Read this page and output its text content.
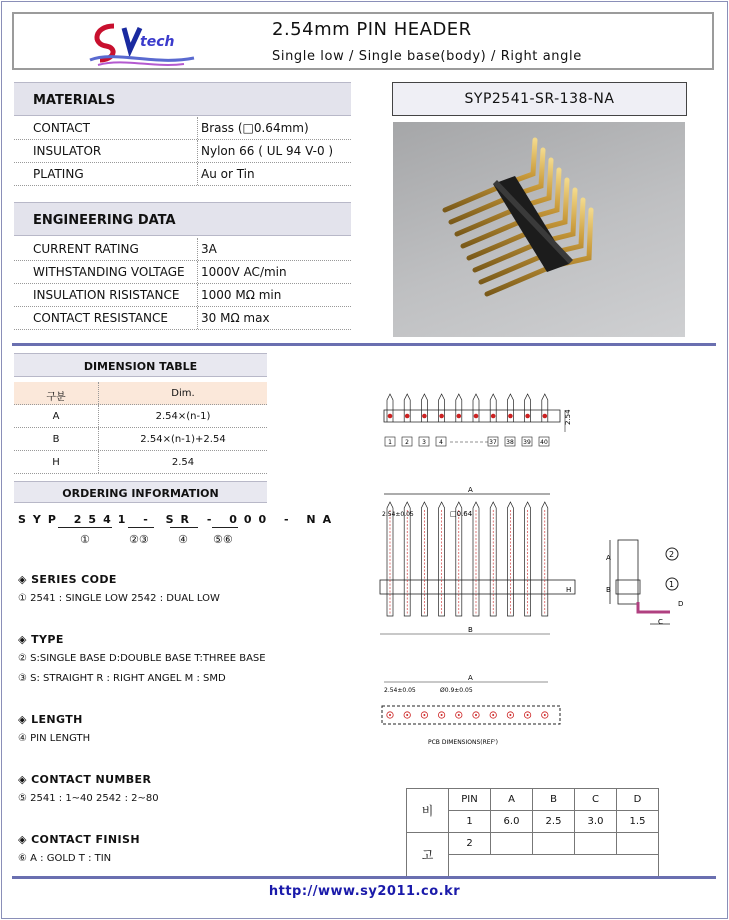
tech
2.54mm PIN HEADER
Single low / Single base(body) / Right angle
MATERIALS
CONTACT	Brass (□0.64mm)
INSULATOR	Nylon 66 ( UL 94 V-0 )
PLATING	Au or Tin
ENGINEERING DATA
CURRENT RATING	3A
WITHSTANDING VOLTAGE	1000V AC/min
INSULATION RISISTANCE	1000 MΩ min
CONTACT RESISTANCE	30 MΩ max
SYP2541-SR-138-NA
DIMENSION TABLE
구분	Dim.
A	2.54×(n-1)
B	2.54×(n-1)+2.54
H	2.54
ORDERING INFORMATION
SYP 2541 - SR - 000 - NA
①	②③	④ ⑤⑥
◈ SERIES CODE
① 2541 : SINGLE LOW 2542 : DUAL LOW
◈ TYPE
② S:SINGLE BASE D:DOUBLE BASE T:THREE BASE
③ S: STRAIGHT R : RIGHT ANGEL M : SMD
◈ LENGTH
④ PIN LENGTH
◈ CONTACT NUMBER
⑤ 2541 : 1~40 2542 : 2~80
◈ CONTACT FINISH
⑥ A : GOLD T : TIN
2.54
1 2 3 4	37 38 39 40
A
2.54±0.05	□0.64
H
B
A
B
C
D
2
1
A
2.54±0.05	Ø0.9±0.05
PCB DIMENSIONS(REF')
비	PIN	A	B	C	D
	1	6.0	2.5	3.0	1.5
고	2				

http://www.sy2011.co.kr
